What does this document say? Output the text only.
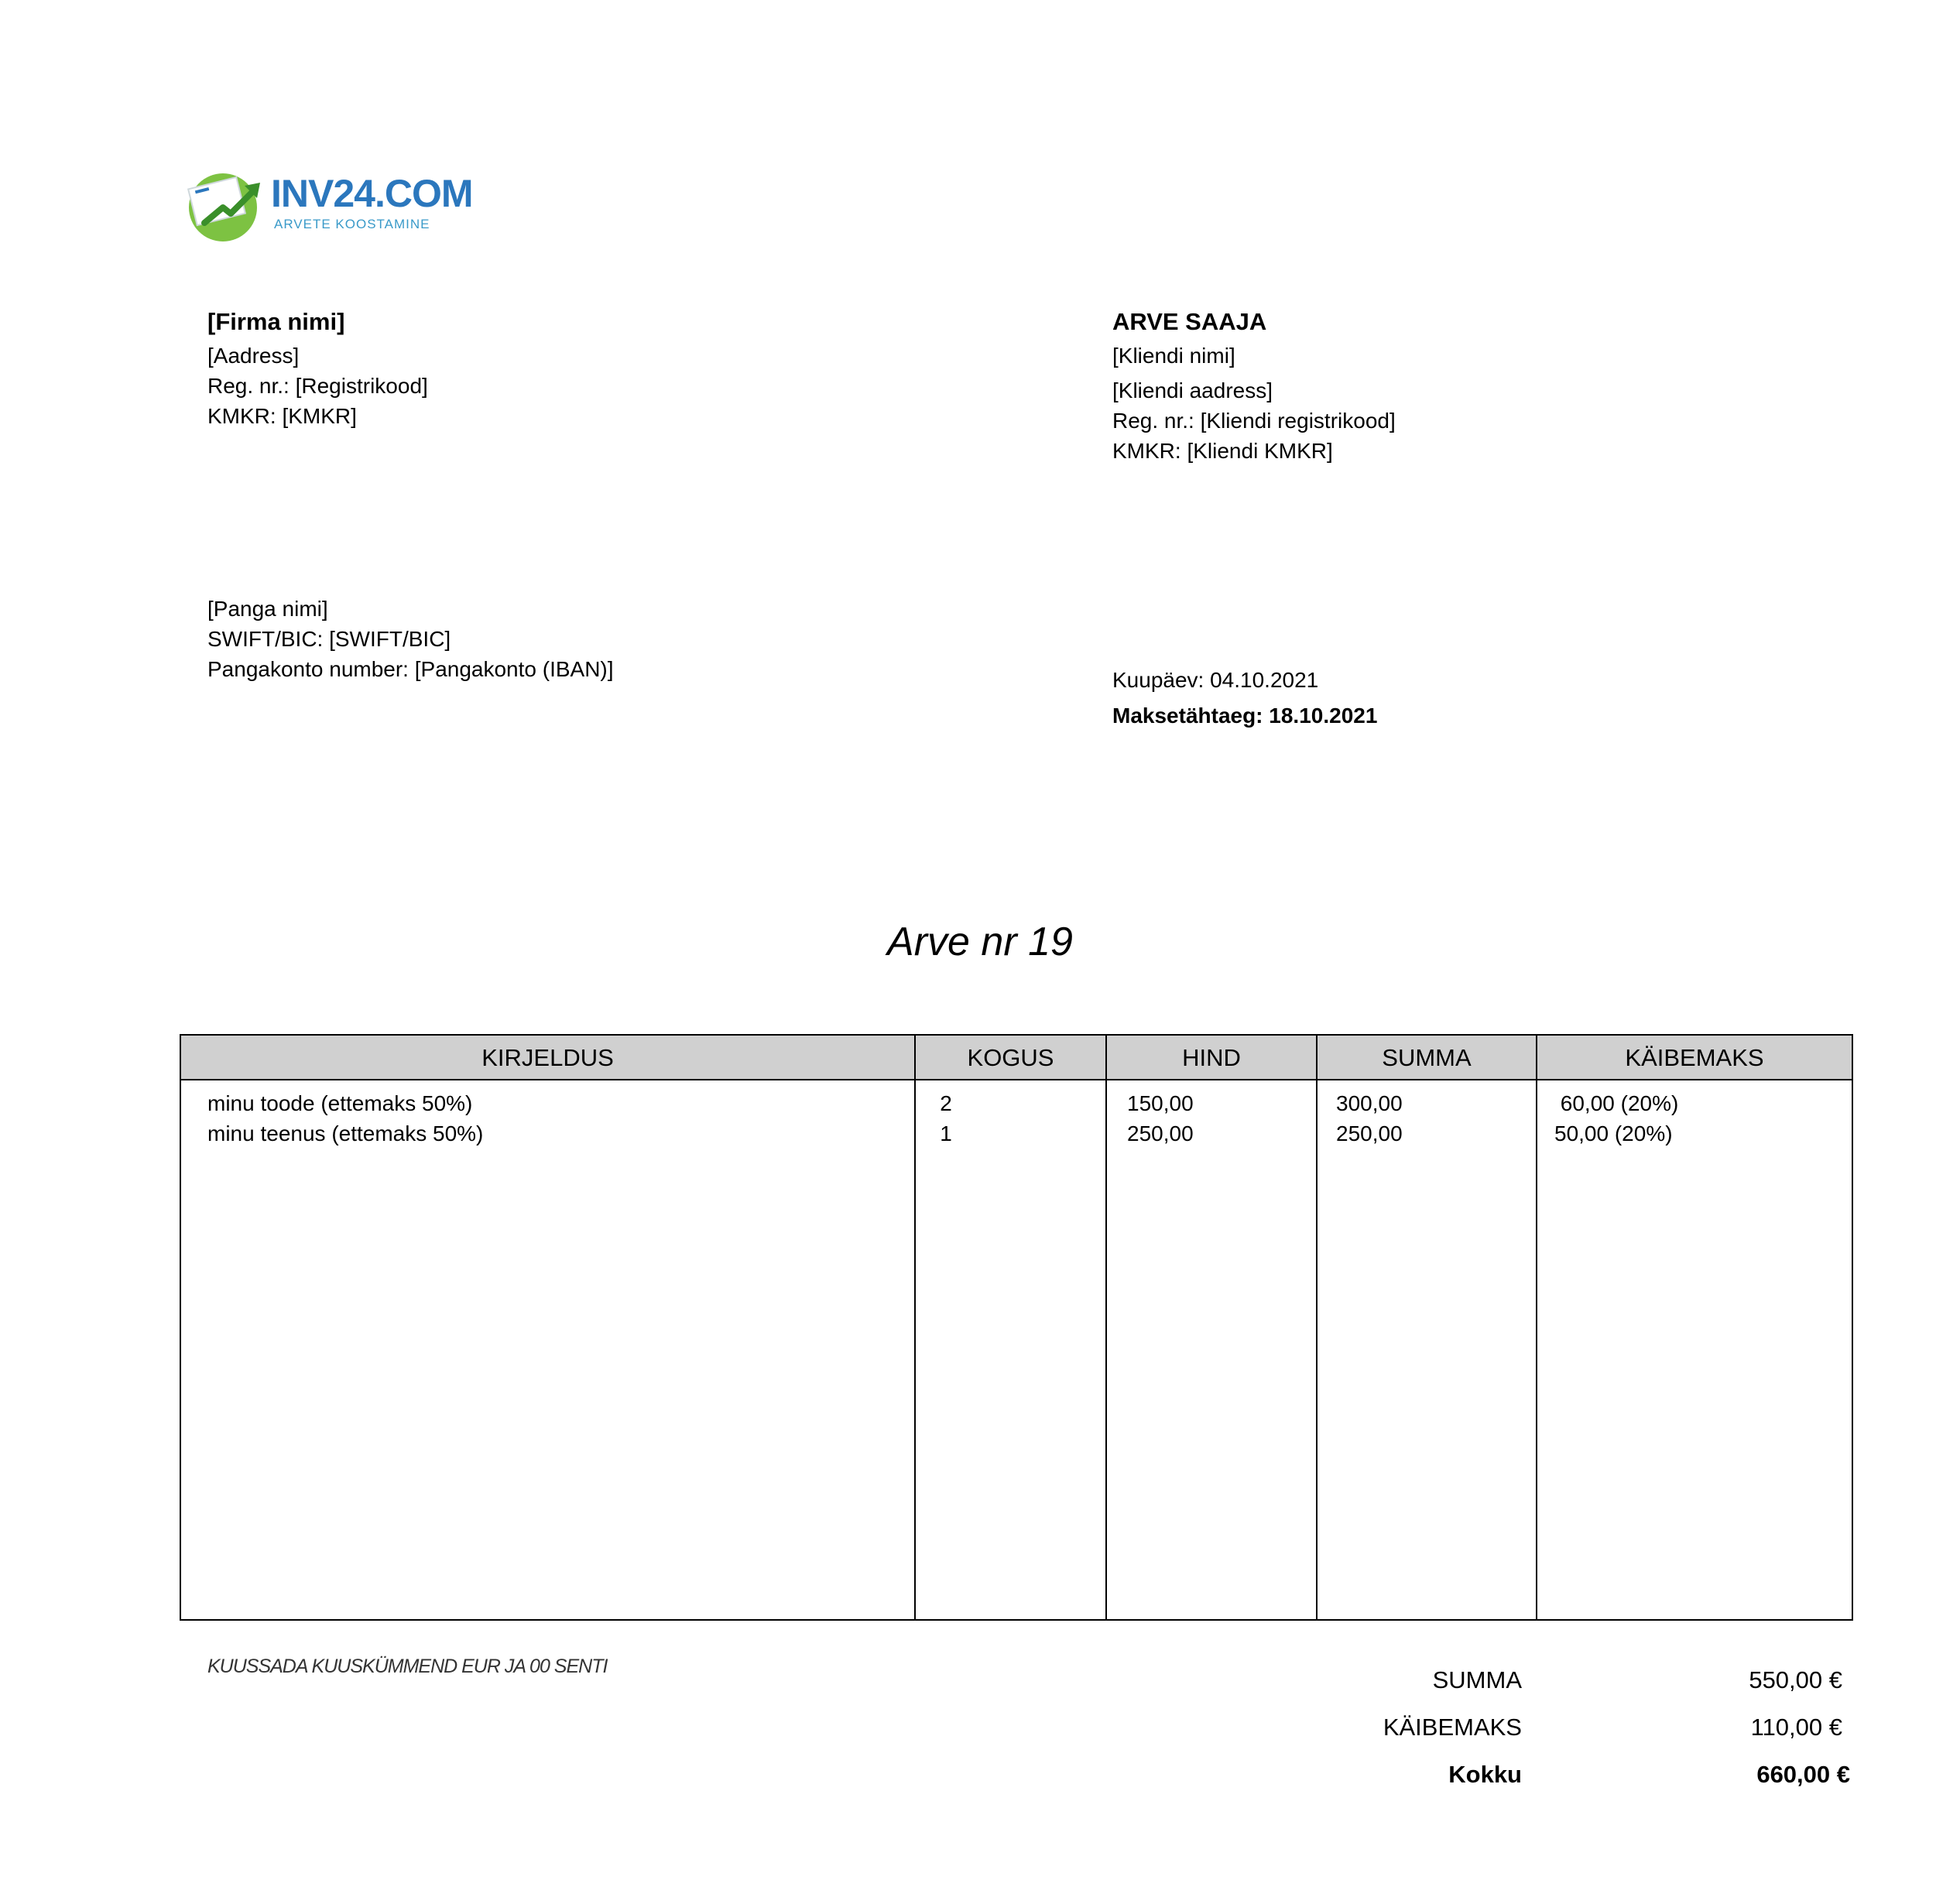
INV24.COM
ARVETE KOOSTAMINE
[Firma nimi]
[Aadress]
Reg. nr.: [Registrikood]
KMKR: [KMKR]
ARVE SAAJA
[Kliendi nimi]
[Kliendi aadress]
Reg. nr.: [Kliendi registrikood]
KMKR: [Kliendi KMKR]
[Panga nimi]
SWIFT/BIC: [SWIFT/BIC]
Pangakonto number: [Pangakonto (IBAN)]	Kuupäev: 04.10.2021
Maksetähtaeg: 18.10.2021
Arve nr 19
KIRJELDUS	KOGUS	HIND	SUMMA	KÄIBEMAKS
minu toode (ettemaks 50%)	2	150,00	300,00	60,00 (20%)
minu teenus (ettemaks 50%)	1	250,00	250,00	50,00 (20%)
KUUSSADA KUUSKÜMMEND EUR JA 00 SENTI	SUMMA	550,00 €
KÄIBEMAKS	110,00 €
Kokku	660,00 €
